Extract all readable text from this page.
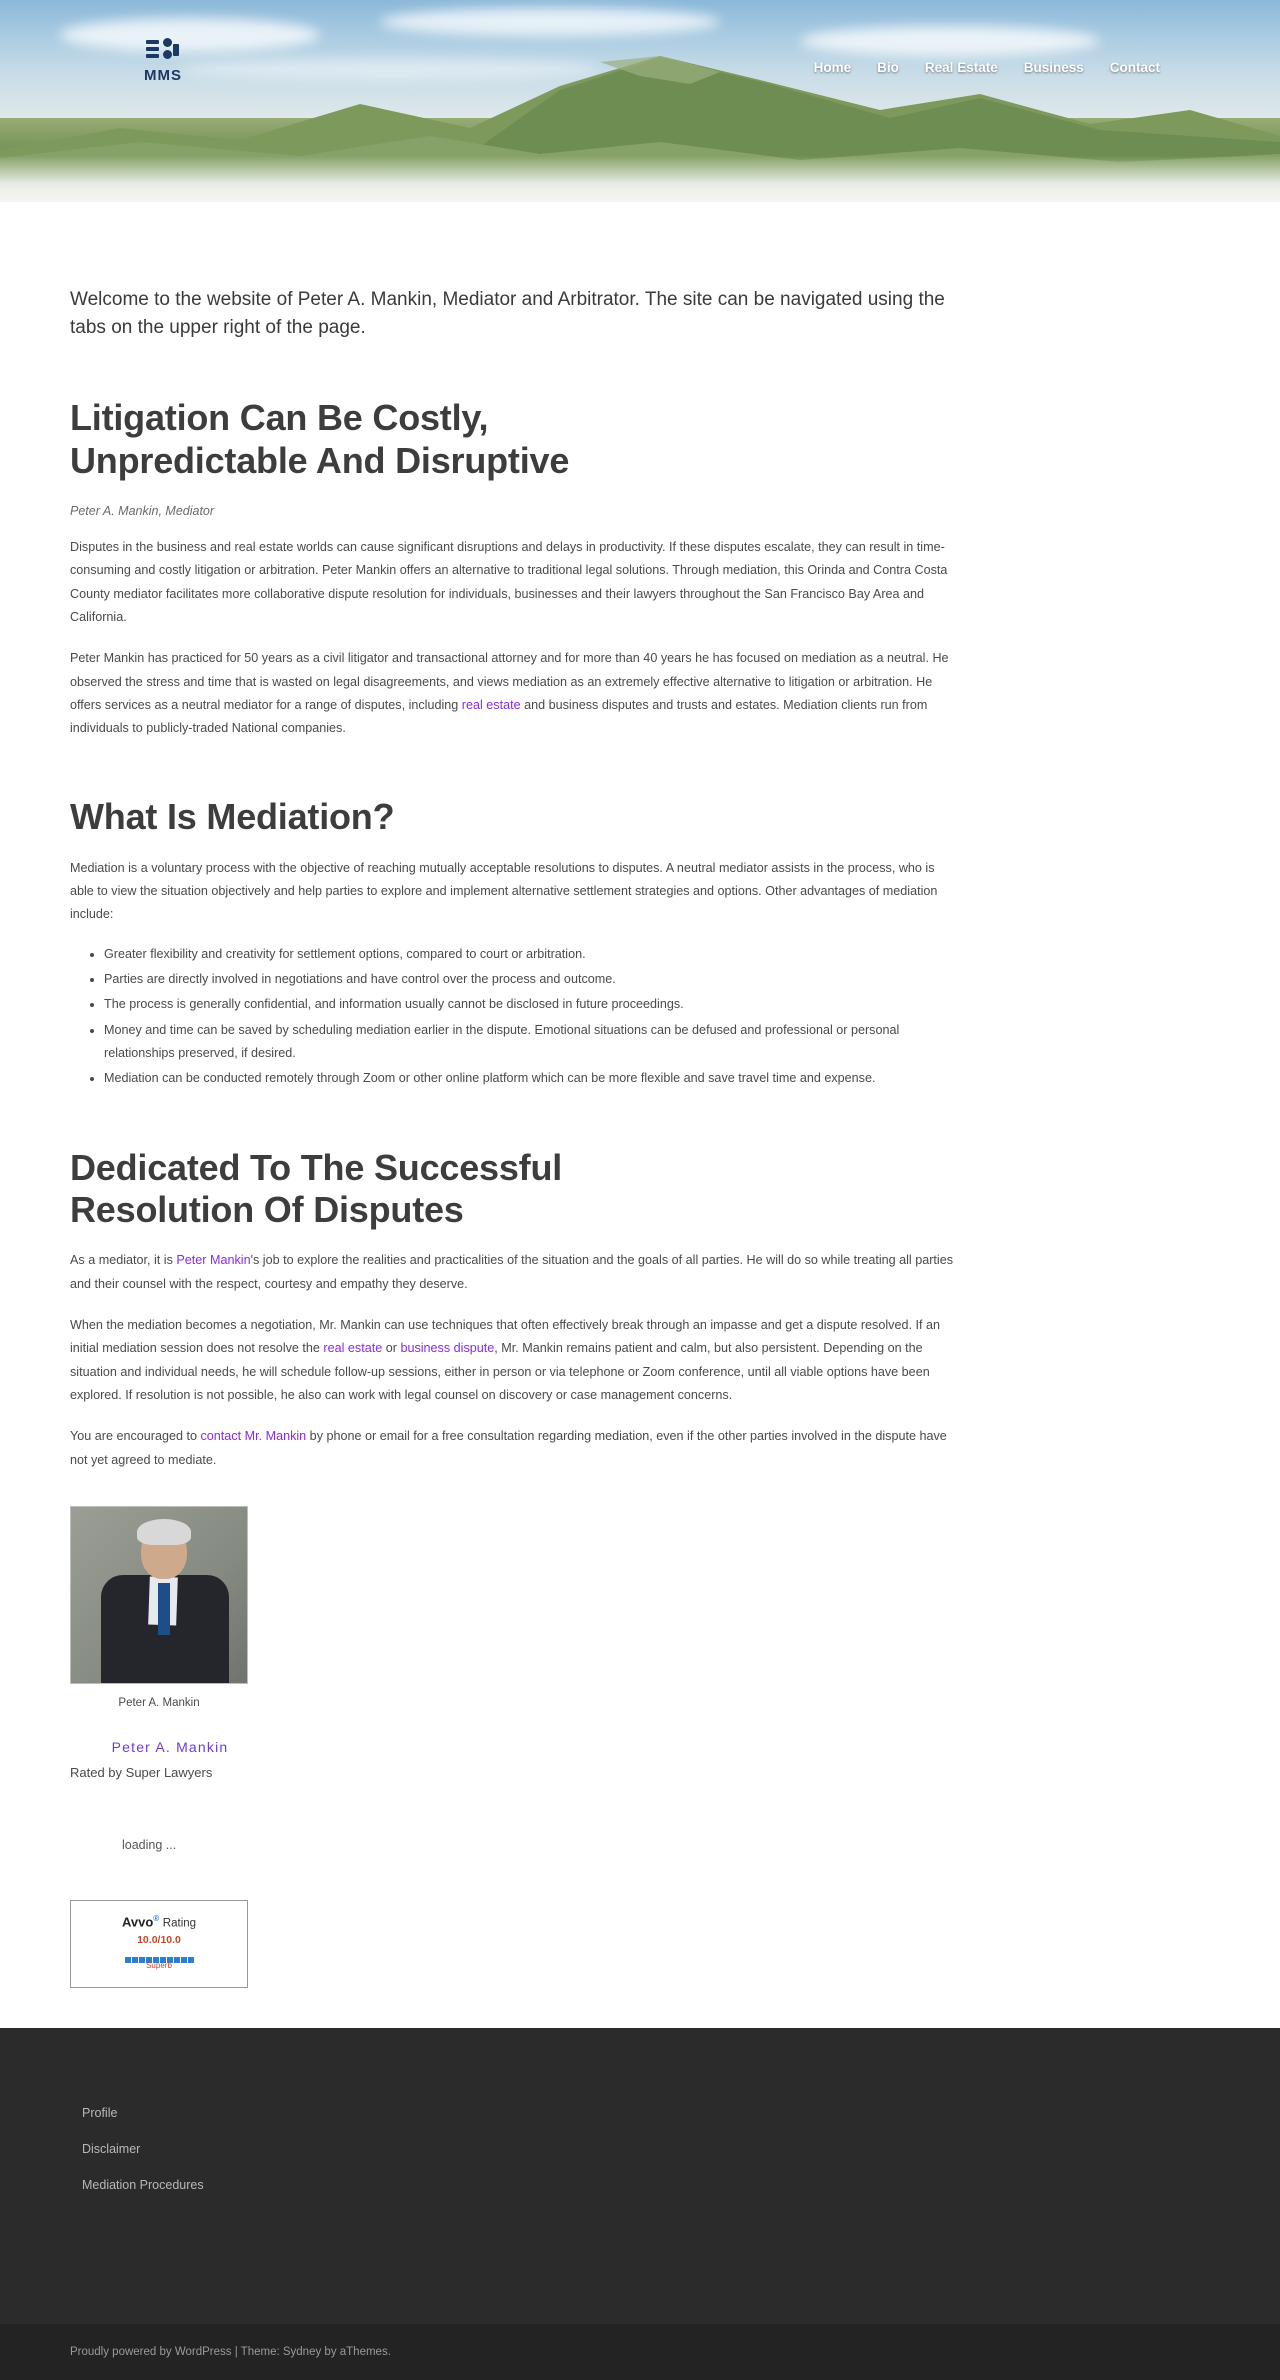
MMS	Home Bio Real Estate Business Contact

Welcome to the website of Peter A. Mankin, Mediator and Arbitrator. The site can be navigated using the tabs on the upper right of the page.

Litigation Can Be Costly,
Unpredictable And Disruptive
Peter A. Mankin, Mediator

Disputes in the business and real estate worlds can cause significant disruptions and delays in productivity. If these disputes escalate, they can result in time-consuming and costly litigation or arbitration. Peter Mankin offers an alternative to traditional legal solutions. Through mediation, this Orinda and Contra Costa County mediator facilitates more collaborative dispute resolution for individuals, businesses and their lawyers throughout the San Francisco Bay Area and California.

Peter Mankin has practiced for 50 years as a civil litigator and transactional attorney and for more than 40 years he has focused on mediation as a neutral. He observed the stress and time that is wasted on legal disagreements, and views mediation as an extremely effective alternative to litigation or arbitration. He offers services as a neutral mediator for a range of disputes, including real estate and business disputes and trusts and estates. Mediation clients run from individuals to publicly-traded National companies.

What Is Mediation?

Mediation is a voluntary process with the objective of reaching mutually acceptable resolutions to disputes. A neutral mediator assists in the process, who is able to view the situation objectively and help parties to explore and implement alternative settlement strategies and options. Other advantages of mediation include:

• Greater flexibility and creativity for settlement options, compared to court or arbitration.
• Parties are directly involved in negotiations and have control over the process and outcome.
• The process is generally confidential, and information usually cannot be disclosed in future proceedings.
• Money and time can be saved by scheduling mediation earlier in the dispute. Emotional situations can be defused and professional or personal relationships preserved, if desired.
• Mediation can be conducted remotely through Zoom or other online platform which can be more flexible and save travel time and expense.
Dedicated To The Successful
Resolution Of Disputes

As a mediator, it is Peter Mankin's job to explore the realities and practicalities of the situation and the goals of all parties. He will do so while treating all parties and their counsel with the respect, courtesy and empathy they deserve.

When the mediation becomes a negotiation, Mr. Mankin can use techniques that often effectively break through an impasse and get a dispute resolved. If an initial mediation session does not resolve the real estate or business dispute, Mr. Mankin remains patient and calm, but also persistent. Depending on the situation and individual needs, he will schedule follow-up sessions, either in person or via telephone or Zoom conference, until all viable options have been explored. If resolution is not possible, he also can work with legal counsel on discovery or case management concerns.

You are encouraged to contact Mr. Mankin by phone or email for a free consultation regarding mediation, even if the other parties involved in the dispute have not yet agreed to mediate.

Peter A. Mankin
Peter A. Mankin
Rated by Super Lawyers
loading ...
Avvo® Rating
10.0/10.0
Superb
Profile
Disclaimer
Mediation Procedures
Proudly powered by WordPress | Theme: Sydney by aThemes.
